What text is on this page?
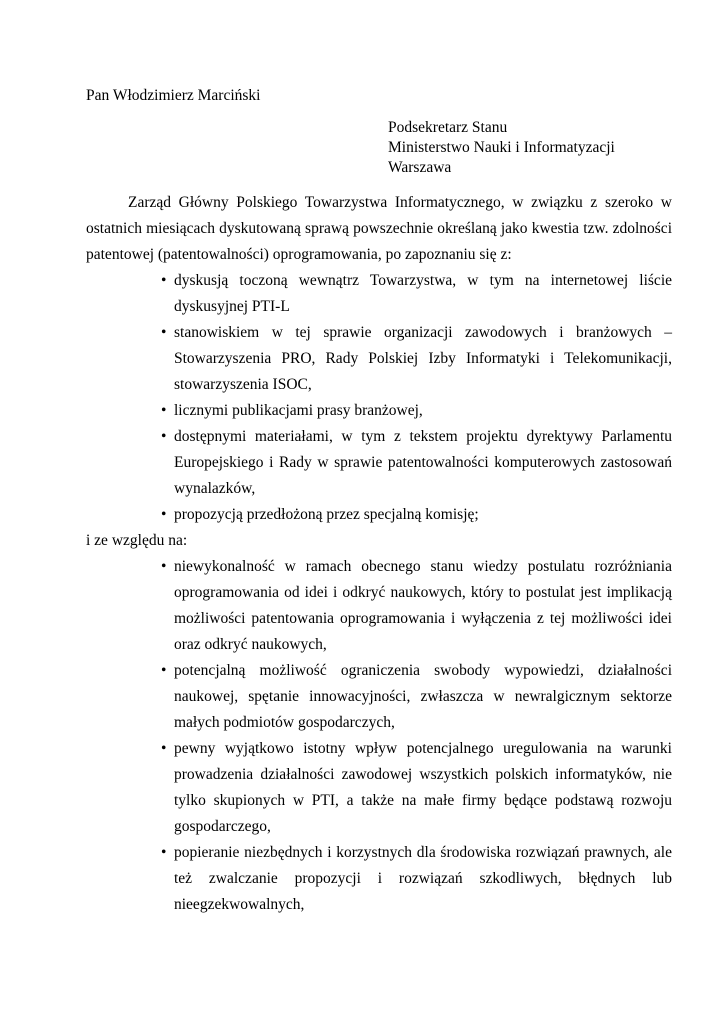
Pan Włodzimierz Marciński
Podsekretarz Stanu
Ministerstwo Nauki i Informatyzacji
Warszawa

Zarząd Główny Polskiego Towarzystwa Informatycznego, w związku z szeroko w ostatnich miesiącach dyskutowaną sprawą powszechnie określaną jako kwestia tzw. zdolności patentowej (patentowalności) oprogramowania, po zapoznaniu się z:

• dyskusją toczoną wewnątrz Towarzystwa, w tym na internetowej liście dyskusyjnej PTI-L
• stanowiskiem w tej sprawie organizacji zawodowych i branżowych – Stowarzyszenia PRO, Rady Polskiej Izby Informatyki i Telekomunikacji, stowarzyszenia ISOC,
• licznymi publikacjami prasy branżowej,
• dostępnymi materiałami, w tym z tekstem projektu dyrektywy Parlamentu Europejskiego i Rady w sprawie patentowalności komputerowych zastosowań wynalazków,
• propozycją przedłożoną przez specjalną komisję;

i ze względu na:

• niewykonalność w ramach obecnego stanu wiedzy postulatu rozróżniania oprogramowania od idei i odkryć naukowych, który to postulat jest implikacją możliwości patentowania oprogramowania i wyłączenia z tej możliwości idei oraz odkryć naukowych,
• potencjalną możliwość ograniczenia swobody wypowiedzi, działalności naukowej, spętanie innowacyjności, zwłaszcza w newralgicznym sektorze małych podmiotów gospodarczych,
• pewny wyjątkowo istotny wpływ potencjalnego uregulowania na warunki prowadzenia działalności zawodowej wszystkich polskich informatyków, nie tylko skupionych w PTI, a także na małe firmy będące podstawą rozwoju gospodarczego,
• popieranie niezbędnych i korzystnych dla środowiska rozwiązań prawnych, ale też zwalczanie propozycji i rozwiązań szkodliwych, błędnych lub nieegzekwowalnych,
